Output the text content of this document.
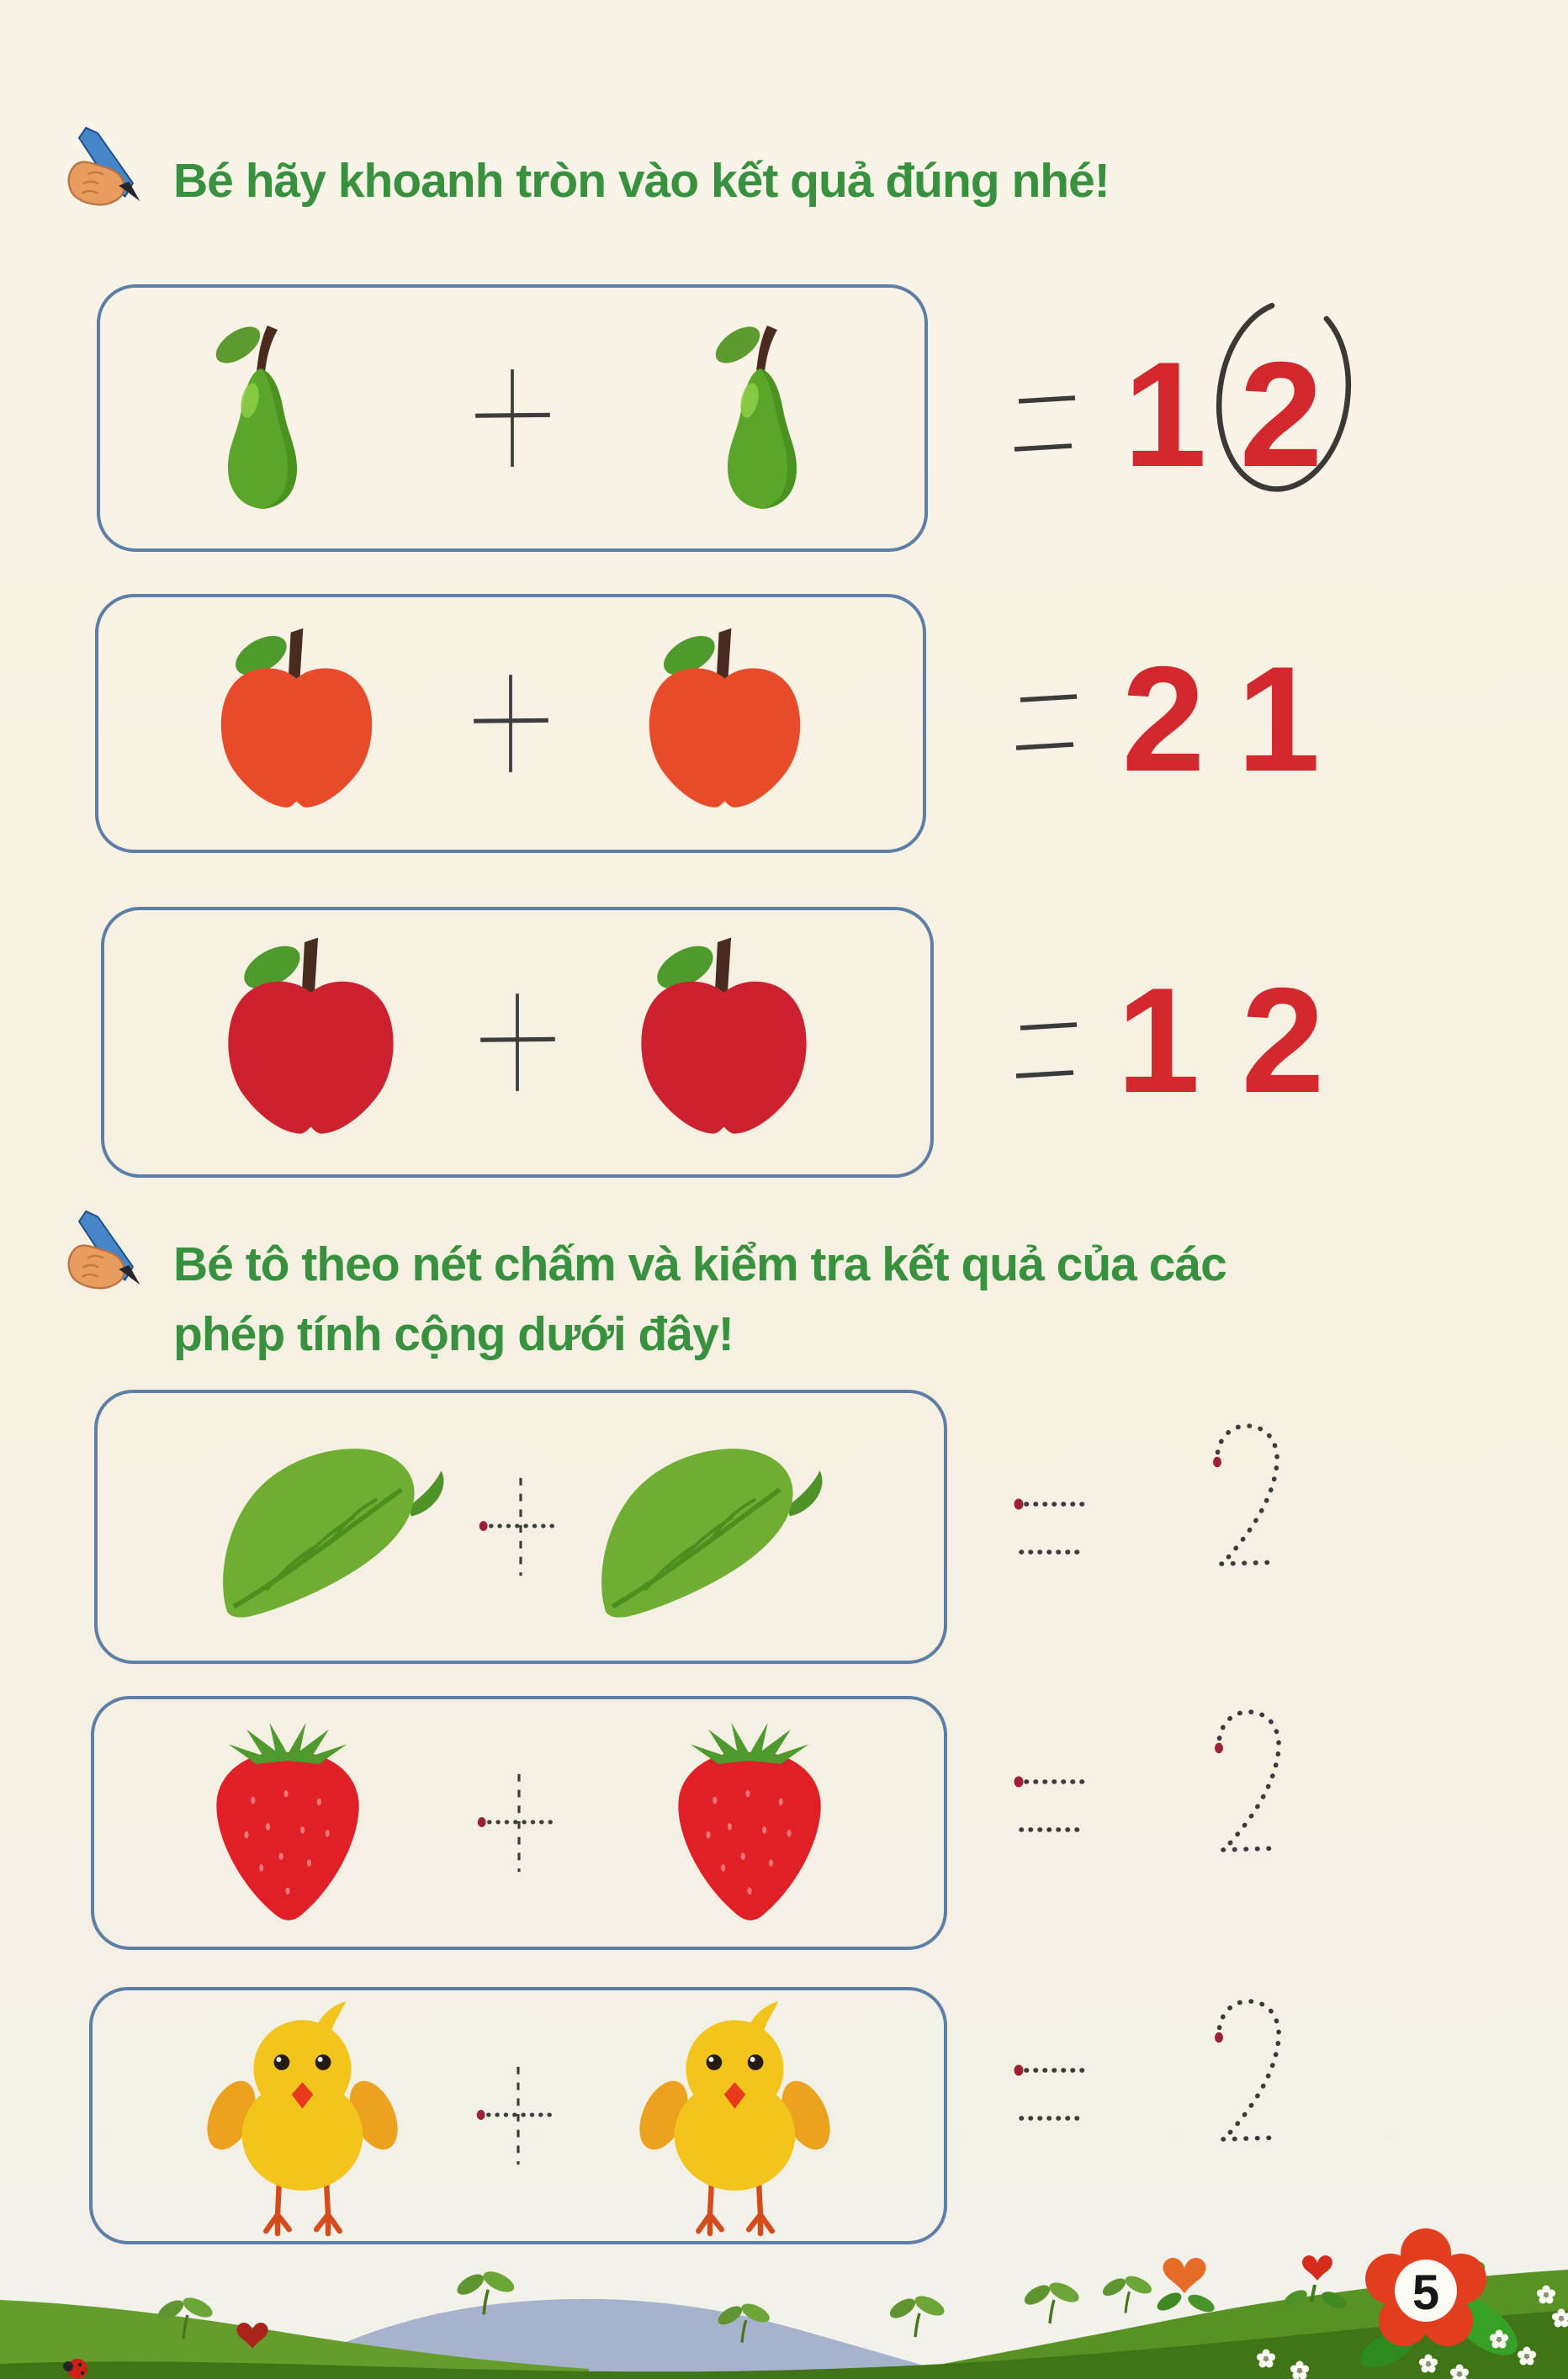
Bé hãy khoanh tròn vào kết quả đúng nhé!
1 2
2 1
1 2
Bé tô theo nét chấm và kiểm tra kết quả của các
phép tính cộng dưới đây!
5
